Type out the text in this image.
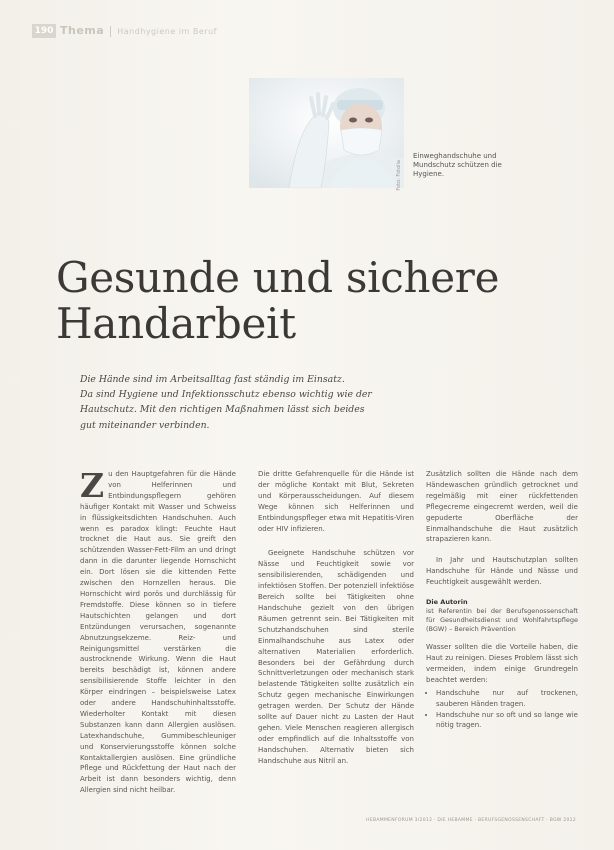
190 Thema Handhygiene im Beruf
Foto: Fotolia
Einweghandschuhe und Mundschutz schützen die Hygiene.
Gesunde und sichere
Handarbeit
Die Hände sind im Arbeitsalltag fast ständig im Einsatz.
Da sind Hygiene und Infektionsschutz ebenso wichtig wie der
Hautschutz. Mit den richtigen Maßnahmen lässt sich beides
gut miteinander verbinden.
Zu den Hauptgefahren für die Hände von Helferinnen und Entbindungspflegern gehören häufiger Kontakt mit Wasser und Schweiss in flüssigkeitsdichten Handschuhen. Auch wenn es paradox klingt: Feuchte Haut trocknet die Haut aus. Sie greift den schützenden Wasser-Fett-Film an und dringt dann in die darunter liegende Hornschicht ein. Dort lösen sie die kittenden Fette zwischen den Hornzellen heraus. Die Hornschicht wird porös und durchlässig für Fremdstoffe. Diese können so in tiefere Hautschichten gelangen und dort Entzündungen verursachen, sogenannte Abnutzungsekzeme. Reiz- und Reinigungsmittel verstärken die austrocknende Wirkung. Wenn die Haut bereits beschädigt ist, können andere sensibilisierende Stoffe leichter in den Körper eindringen – beispielsweise Latex oder andere Handschuhinhaltsstoffe. Wiederholter Kontakt mit diesen Substanzen kann dann Allergien auslösen. Latexhandschuhe, Gummibeschleuniger und Konservierungsstoffe können solche Kontaktallergien auslösen. Eine gründliche Pflege und Rückfettung der Haut nach der Arbeit ist dann besonders wichtig, denn Allergien sind nicht heilbar.

Die dritte Gefahrenquelle für die Hände ist der mögliche Kontakt mit Blut, Sekreten und Körperausscheidungen. Auf diesem Wege können sich Helferinnen und Entbindungspfleger etwa mit Hepatitis-Viren oder HIV infizieren.

Geeignete Handschuhe schützen vor Nässe und Feuchtigkeit sowie vor sensibilisierenden, schädigenden und infektiösen Stoffen. Der potenziell infektiöse Bereich sollte bei Tätigkeiten ohne Handschuhe gezielt von den übrigen Räumen getrennt sein. Bei Tätigkeiten mit Schutzhandschuhen sind sterile Einmalhandschuhe aus Latex oder alternativen Materialien erforderlich. Besonders bei der Gefährdung durch Schnittverletzungen oder mechanisch stark belastende Tätigkeiten sollte zusätzlich ein Schutz gegen mechanische Einwirkungen getragen werden. Der Schutz der Hände sollte auf Dauer nicht zu Lasten der Haut gehen. Viele Menschen reagieren allergisch oder empfindlich auf die Inhaltsstoffe von Handschuhen. Alternativ bieten sich Handschuhe aus Nitril an.

Zusätzlich sollten die Hände nach dem Händewaschen gründlich getrocknet und regelmäßig mit einer rückfettenden Pflegecreme eingecremt werden, weil die gepuderte Oberfläche der Einmalhandschuhe die Haut zusätzlich strapazieren kann.

In Jahr und Hautschutzplan sollten Handschuhe für Hände und Nässe und Feuchtigkeit ausgewählt werden.

Die Autorin
ist Referentin bei der Berufsgenossenschaft für Gesundheitsdienst und Wohlfahrtspflege (BGW) – Bereich Prävention

Wasser sollten die die Vorteile haben, die Haut zu reinigen. Dieses Problem lässt sich vermeiden, indem einige Grundregeln beachtet werden:

• Handschuhe nur auf trockenen, sauberen Händen tragen.
• Handschuhe nur so oft und so lange wie nötig tragen.
HEBAMMENFORUM 3/2012 · DIE HEBAMME · BERUFSGENOSSENSCHAFT · BGW 2012
